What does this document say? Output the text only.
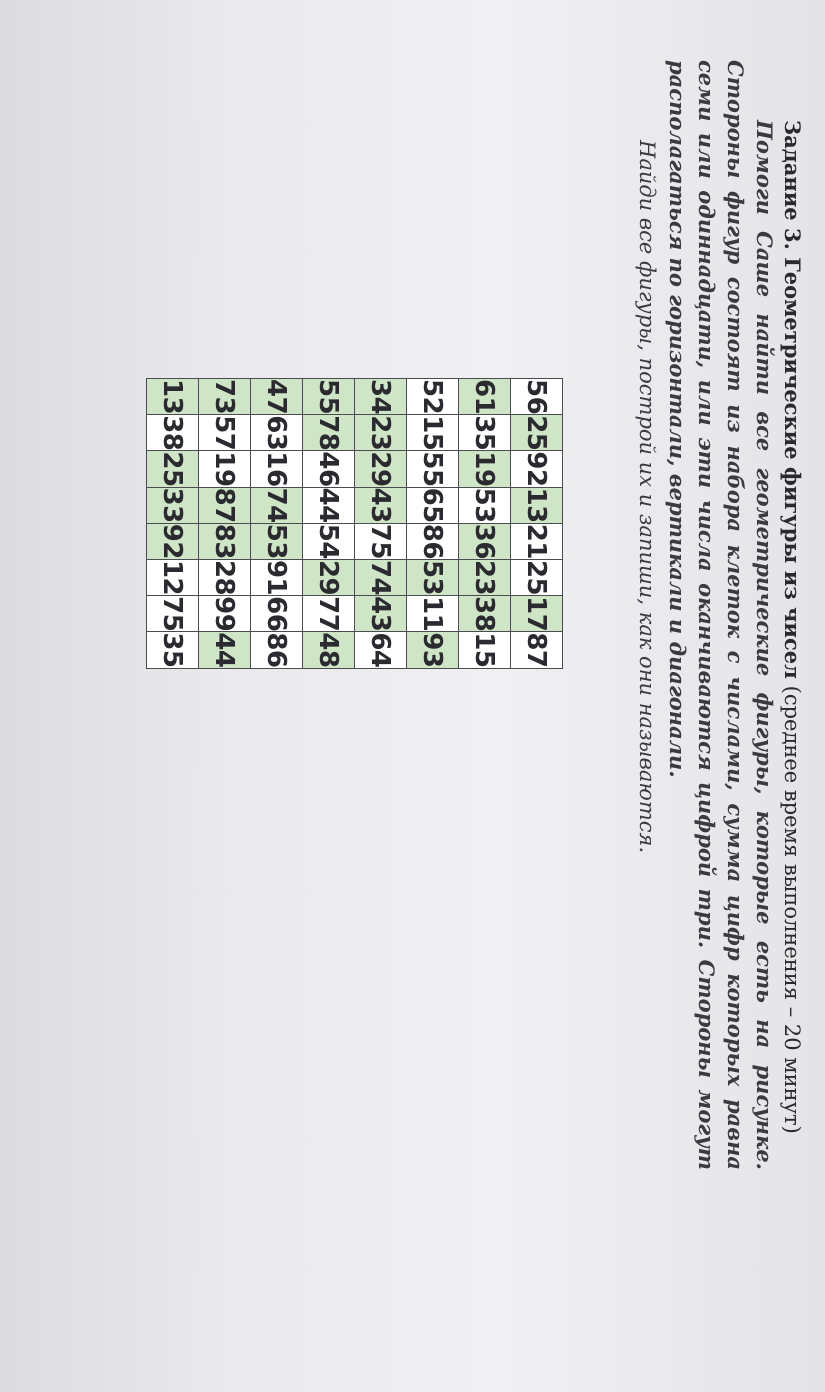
Задание 3. Геометрические фигуры из чисел (среднее время выполнения – 20 минут)

Помоги Саше найти все геометрические фигуры, которые есть на рисунке. Стороны фигур состоят из набора клеток с числами, сумма цифр которых равна семи или одиннадцати, или эти числа оканчиваются цифрой три. Стороны могут располагаться по горизонтали, вертикали и диагонали.

Найди все фигуры, построй их и запиши, как они называются.

56	25	92	13	21	25	17	87
61	35	19	53	36	23	38	15
52	15	55	65	86	53	11	93
34	23	29	43	75	74	43	64
55	78	46	44	54	29	77	48
47	63	16	74	53	91	66	86
73	57	19	87	83	28	99	44
13	38	25	33	92	12	75	35
